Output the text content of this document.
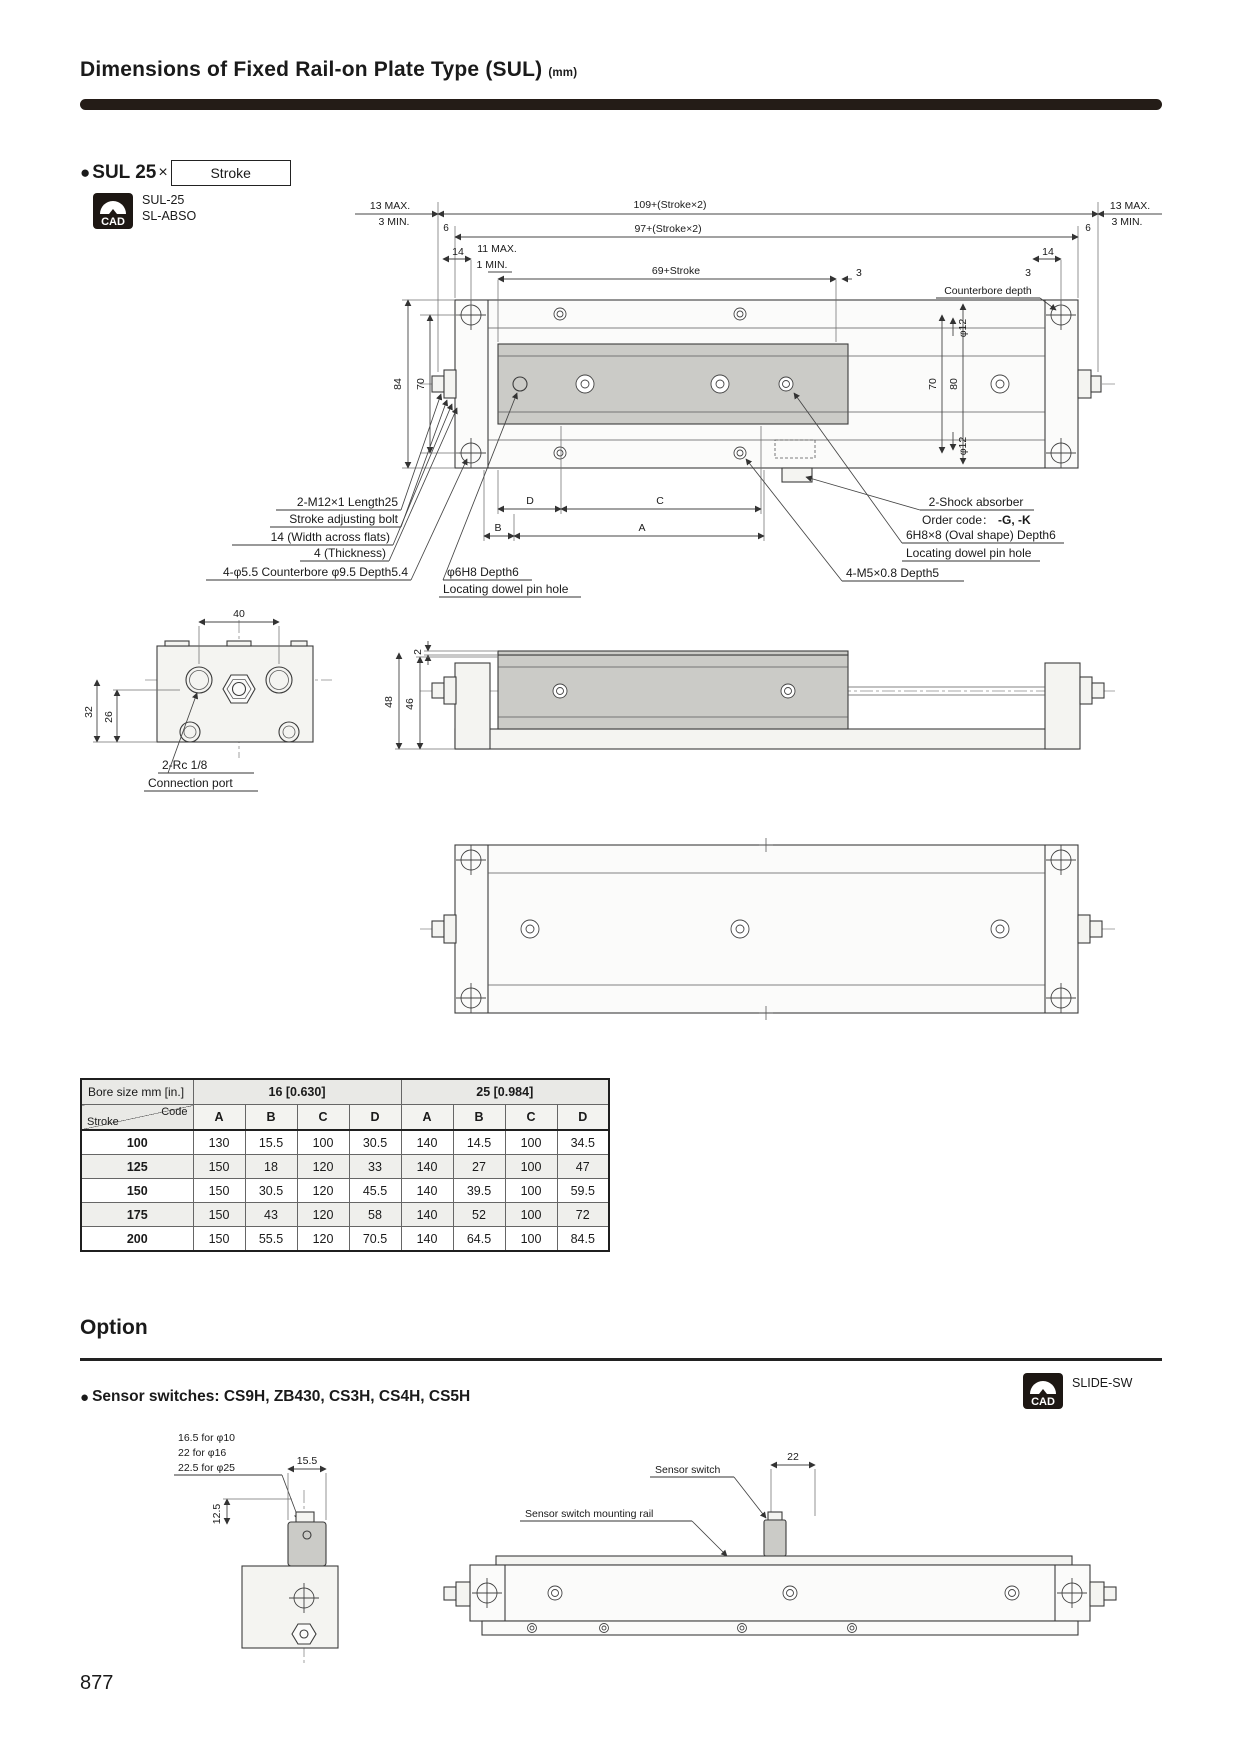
Dimensions of Fixed Rail-on Plate Type (SUL) (mm)
● SUL 25 ×	Stroke
CAD
SUL-25
SL-ABSO
13 MAX.
3 MIN.
109+(Stroke×2)	13 MAX.
3 MIN.
97+(Stroke×2)
6	6
14	14
11 MAX.
1 MIN.	69+Stroke	3	3
Counterbore depth
φ12
φ12
84 70	70 80
D	C
B	A
2-M12×1 Length25
Stroke adjusting bolt
14 (Width across flats)
4 (Thickness)
4-φ5.5 Counterbore φ9.5 Depth5.4	φ6H8 Depth6
Locating dowel pin hole
2-Shock absorber
Order code： -G, -K
6H8×8 (Oval shape) Depth6
Locating dowel pin hole
4-M5×0.8 Depth5
40
32 26
2-Rc 1/8
Connection port
2
48 46
Bore size mm [in.]	16 [0.630]				25 [0.984]			

Code
Stroke	A	B	C	D	A	B	C	D
100	130	15.5	100	30.5	140	14.5	100	34.5
125	150	18	120	33	140	27	100	47
150	150	30.5	120	45.5	140	39.5	100	59.5
175	150	43	120	58	140	52	100	72
200	150	55.5	120	70.5	140	64.5	100	84.5
Option
● Sensor switches: CS9H, ZB430, CS3H, CS4H, CS5H	CAD
SLIDE-SW
16.5 for φ10
22 for φ16
22.5 for φ25
15.5
12.5
Sensor switch
22
Sensor switch mounting rail
877
